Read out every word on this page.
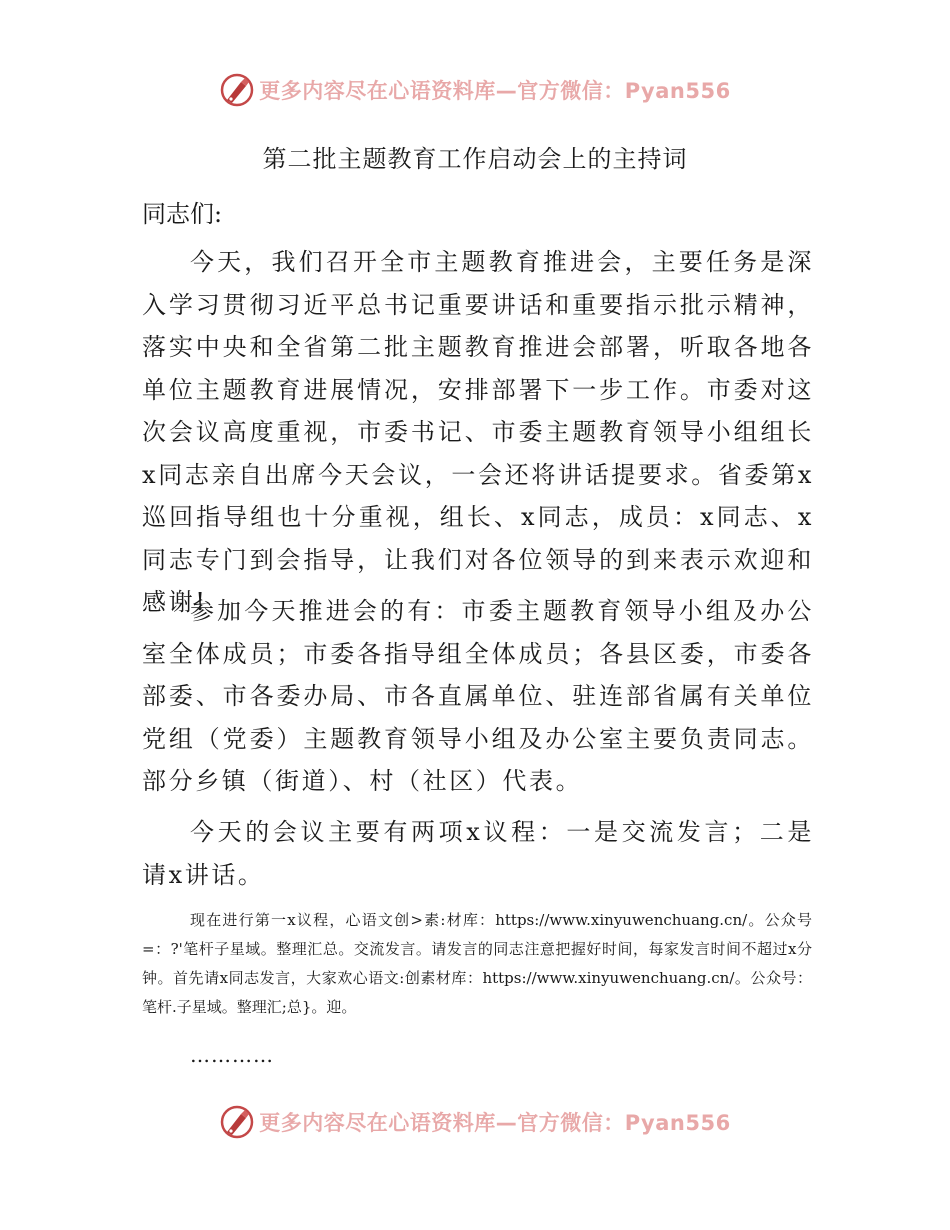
更多内容尽在心语资料库—官方微信：Pyan556
第二批主题教育工作启动会上的主持词

同志们:

今天，我们召开全市主题教育推进会，主要任务是深入学习贯彻习近平总书记重要讲话和重要指示批示精神，落实中央和全省第二批主题教育推进会部署，听取各地各单位主题教育进展情况，安排部署下一步工作。市委对这次会议高度重视，市委书记、市委主题教育领导小组组长x同志亲自出席今天会议，一会还将讲话提要求。省委第x巡回指导组也十分重视，组长、x同志，成员：x同志、x同志专门到会指导，让我们对各位领导的到来表示欢迎和感谢!

参加今天推进会的有：市委主题教育领导小组及办公室全体成员；市委各指导组全体成员；各县区委，市委各部委、市各委办局、市各直属单位、驻连部省属有关单位党组（党委）主题教育领导小组及办公室主要负责同志。部分乡镇（街道）、村（社区）代表。

今天的会议主要有两项x议程：一是交流发言；二是请x讲话。

现在进行第一x议程，心语文创>素:材库：https://www.xinyuwenchuang.cn/。公众号=：?'笔杆子星域。整理汇总。交流发言。请发言的同志注意把握好时间，每家发言时间不超过x分钟。首先请x同志发言，大家欢心语文:创素材库：https://www.xinyuwenchuang.cn/。公众号：笔杆.子星域。整理汇;总}。迎。

…………

更多内容尽在心语资料库—官方微信：Pyan556
